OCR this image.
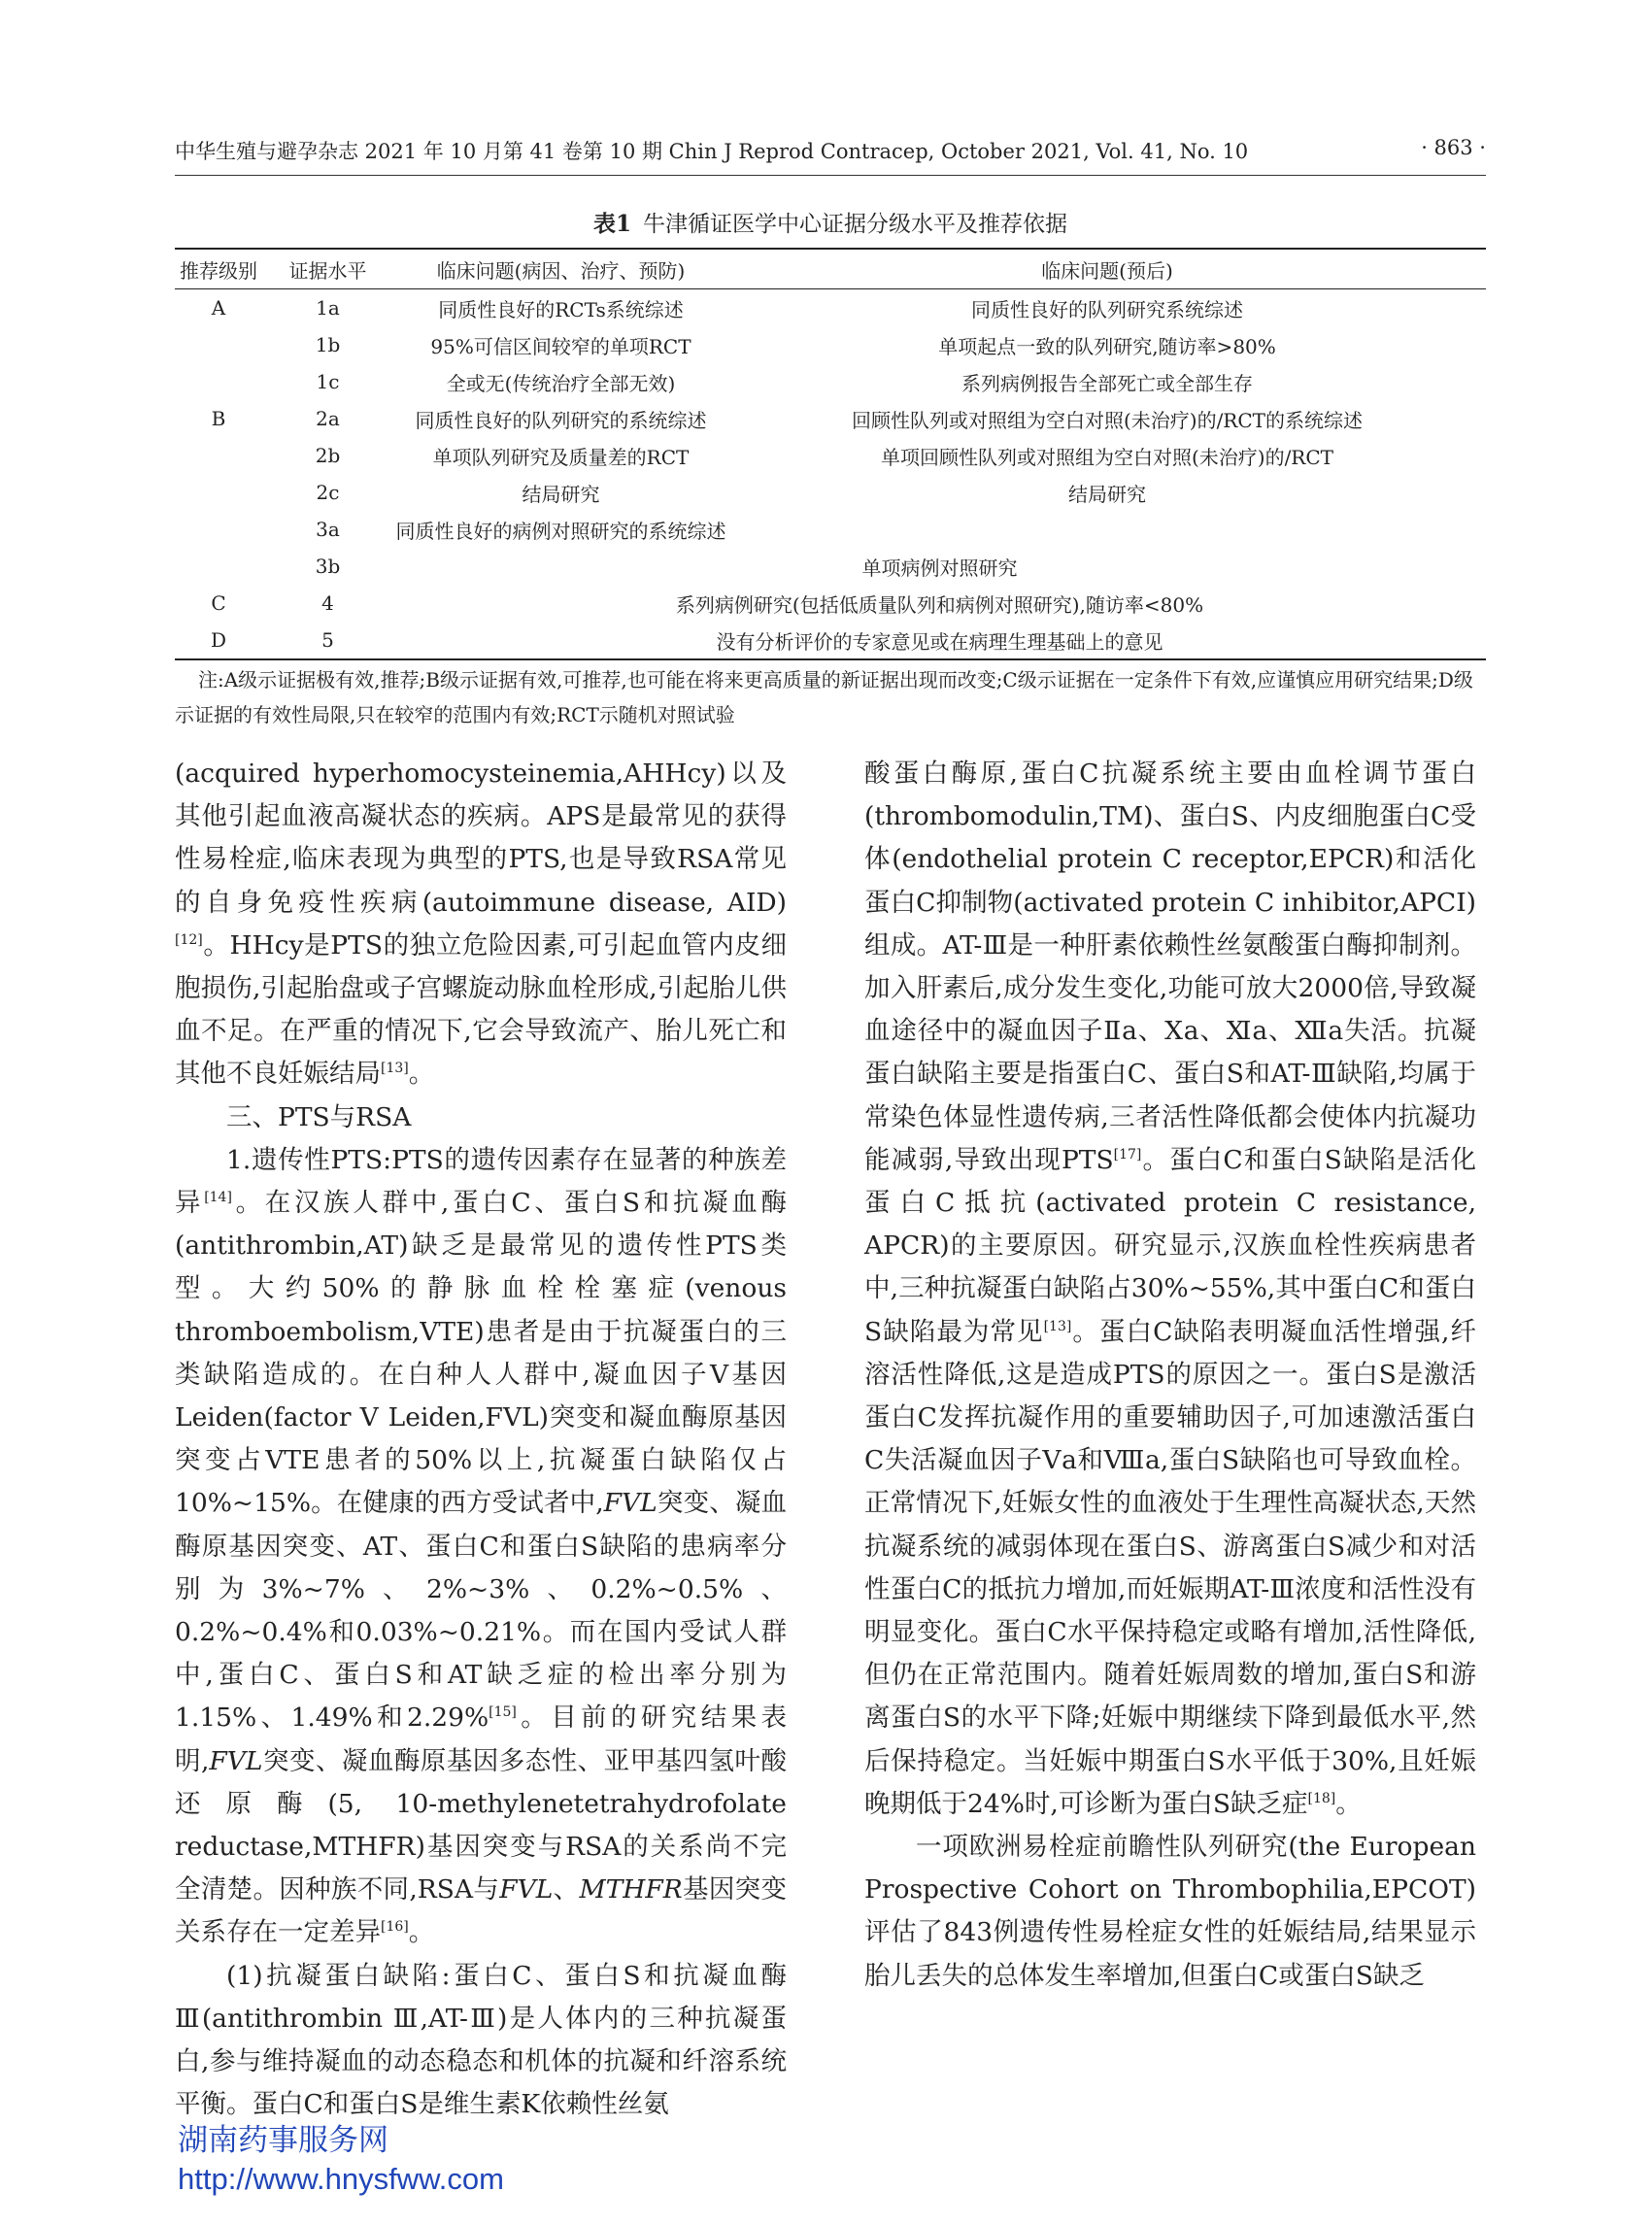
中华生殖与避孕杂志 2021 年 10 月第 41 卷第 10 期 Chin J Reprod Contracep, October 2021, Vol. 41, No. 10	· 863 ·
表1 牛津循证医学中心证据分级水平及推荐依据
推荐级别	证据水平	临床问题(病因、治疗、预防)	临床问题(预后)
A	1a	同质性良好的RCTs系统综述	同质性良好的队列研究系统综述
	1b	95%可信区间较窄的单项RCT	单项起点一致的队列研究,随访率>80%
	1c	全或无(传统治疗全部无效)	系列病例报告全部死亡或全部生存
B	2a	同质性良好的队列研究的系统综述	回顾性队列或对照组为空白对照(未治疗)的/RCT的系统综述
	2b	单项队列研究及质量差的RCT	单项回顾性队列或对照组为空白对照(未治疗)的/RCT
	2c	结局研究	结局研究
	3a	同质性良好的病例对照研究的系统综述	
	3b	单项病例对照研究	
C	4	系列病例研究(包括低质量队列和病例对照研究),随访率<80%	
D	5	没有分析评价的专家意见或在病理生理基础上的意见	
注:A级示证据极有效,推荐;B级示证据有效,可推荐,也可能在将来更高质量的新证据出现而改变;C级示证据在一定条件下有效,应谨慎应用研究结果;D级示证据的有效性局限,只在较窄的范围内有效;RCT示随机对照试验

(acquired hyperhomocysteinemia,AHHcy)以及其他引起血液高凝状态的疾病。APS是最常见的获得性易栓症,临床表现为典型的PTS,也是导致RSA常见的自身免疫性疾病(autoimmune disease, AID)[12]。HHcy是PTS的独立危险因素,可引起血管内皮细胞损伤,引起胎盘或子宫螺旋动脉血栓形成,引起胎儿供血不足。在严重的情况下,它会导致流产、胎儿死亡和其他不良妊娠结局[13]。

三、PTS与RSA

1.遗传性PTS:PTS的遗传因素存在显著的种族差异[14]。在汉族人群中,蛋白C、蛋白S和抗凝血酶(antithrombin,AT)缺乏是最常见的遗传性PTS类型。大约50%的静脉血栓栓塞症(venous thromboembolism,VTE)患者是由于抗凝蛋白的三类缺陷造成的。在白种人人群中,凝血因子Ⅴ基因Leiden(factor Ⅴ Leiden,FVL)突变和凝血酶原基因突变占VTE患者的50%以上,抗凝蛋白缺陷仅占10%~15%。在健康的西方受试者中,FVL突变、凝血酶原基因突变、AT、蛋白C和蛋白S缺陷的患病率分别为3%~7%、2%~3%、0.2%~0.5%、0.2%~0.4%和0.03%~0.21%。而在国内受试人群中,蛋白C、蛋白S和AT缺乏症的检出率分别为1.15%、1.49%和2.29%[15]。目前的研究结果表明,FVL突变、凝血酶原基因多态性、亚甲基四氢叶酸还原酶(5, 10-methylenetetrahydrofolate reductase,MTHFR)基因突变与RSA的关系尚不完全清楚。因种族不同,RSA与FVL、MTHFR基因突变关系存在一定差异[16]。

(1)抗凝蛋白缺陷:蛋白C、蛋白S和抗凝血酶Ⅲ(antithrombin Ⅲ,AT-Ⅲ)是人体内的三种抗凝蛋白,参与维持凝血的动态稳态和机体的抗凝和纤溶系统平衡。蛋白C和蛋白S是维生素K依赖性丝氨

酸蛋白酶原,蛋白C抗凝系统主要由血栓调节蛋白(thrombomodulin,TM)、蛋白S、内皮细胞蛋白C受体(endothelial protein C receptor,EPCR)和活化蛋白C抑制物(activated protein C inhibitor,APCI)组成。AT-Ⅲ是一种肝素依赖性丝氨酸蛋白酶抑制剂。加入肝素后,成分发生变化,功能可放大2000倍,导致凝血途径中的凝血因子Ⅱa、Ⅹa、Ⅺa、Ⅻa失活。抗凝蛋白缺陷主要是指蛋白C、蛋白S和AT-Ⅲ缺陷,均属于常染色体显性遗传病,三者活性降低都会使体内抗凝功能减弱,导致出现PTS[17]。蛋白C和蛋白S缺陷是活化蛋白C抵抗(activated protein C resistance, APCR)的主要原因。研究显示,汉族血栓性疾病患者中,三种抗凝蛋白缺陷占30%~55%,其中蛋白C和蛋白S缺陷最为常见[13]。蛋白C缺陷表明凝血活性增强,纤溶活性降低,这是造成PTS的原因之一。蛋白S是激活蛋白C发挥抗凝作用的重要辅助因子,可加速激活蛋白C失活凝血因子Ⅴa和Ⅷa,蛋白S缺陷也可导致血栓。正常情况下,妊娠女性的血液处于生理性高凝状态,天然抗凝系统的减弱体现在蛋白S、游离蛋白S减少和对活性蛋白C的抵抗力增加,而妊娠期AT-Ⅲ浓度和活性没有明显变化。蛋白C水平保持稳定或略有增加,活性降低,但仍在正常范围内。随着妊娠周数的增加,蛋白S和游离蛋白S的水平下降;妊娠中期继续下降到最低水平,然后保持稳定。当妊娠中期蛋白S水平低于30%,且妊娠晚期低于24%时,可诊断为蛋白S缺乏症[18]。

一项欧洲易栓症前瞻性队列研究(the European Prospective Cohort on Thrombophilia,EPCOT)评估了843例遗传性易栓症女性的妊娠结局,结果显示胎儿丢失的总体发生率增加,但蛋白C或蛋白S缺乏

湖南药事服务网
http://www.hnysfww.com
